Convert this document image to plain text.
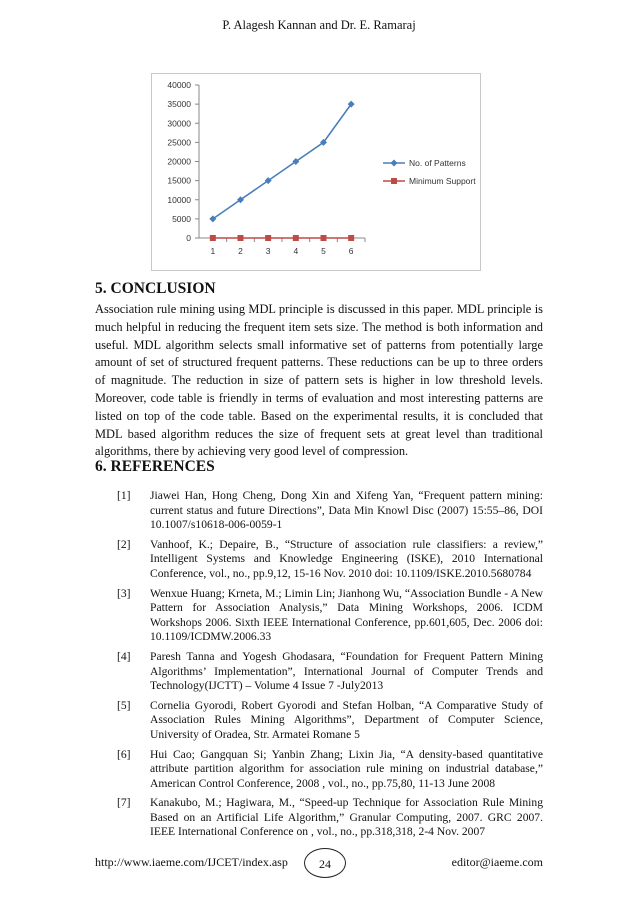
P. Alagesh Kannan and Dr. E. Ramaraj
0
5000
10000
15000
20000
25000
30000
35000
40000
1	2	3	4	5	6
No. of Patterns
Minimum Support
5. CONCLUSION

Association rule mining using MDL principle is discussed in this paper. MDL principle is much helpful in reducing the frequent item sets size. The method is both information and useful. MDL algorithm selects small informative set of patterns from potentially large amount of set of structured frequent patterns. These reductions can be up to three orders of magnitude. The reduction in size of pattern sets is higher in low threshold levels. Moreover, code table is friendly in terms of evaluation and most interesting patterns are listed on top of the code table. Based on the experimental results, it is concluded that MDL based algorithm reduces the size of frequent sets at great level than traditional algorithms, there by achieving very good level of compression.

6. REFERENCES
[1]	Jiawei Han, Hong Cheng, Dong Xin and Xifeng Yan, “Frequent pattern mining: current status and future Directions”, Data Min Knowl Disc (2007) 15:55–86, DOI 10.1007/s10618-006-0059-1
[2]	Vanhoof, K.; Depaire, B., “Structure of association rule classifiers: a review,” Intelligent Systems and Knowledge Engineering (ISKE), 2010 International Conference, vol., no., pp.9,12, 15-16 Nov. 2010 doi: 10.1109/ISKE.2010.5680784
[3]	Wenxue Huang; Krneta, M.; Limin Lin; Jianhong Wu, “Association Bundle - A New Pattern for Association Analysis,” Data Mining Workshops, 2006. ICDM Workshops 2006. Sixth IEEE International Conference, pp.601,605, Dec. 2006 doi: 10.1109/ICDMW.2006.33
[4]	Paresh Tanna and Yogesh Ghodasara, “Foundation for Frequent Pattern Mining Algorithms’ Implementation”, International Journal of Computer Trends and Technology(IJCTT) – Volume 4 Issue 7 -July2013
[5]	Cornelia Gyorodi, Robert Gyorodi and Stefan Holban, “A Comparative Study of Association Rules Mining Algorithms”, Department of Computer Science, University of Oradea, Str. Armatei Romane 5
[6]	Hui Cao; Gangquan Si; Yanbin Zhang; Lixin Jia, “A density-based quantitative attribute partition algorithm for association rule mining on industrial database,” American Control Conference, 2008 , vol., no., pp.75,80, 11-13 June 2008
[7]	Kanakubo, M.; Hagiwara, M., “Speed-up Technique for Association Rule Mining Based on an Artificial Life Algorithm,” Granular Computing, 2007. GRC 2007. IEEE International Conference on , vol., no., pp.318,318, 2-4 Nov. 2007
http://www.iaeme.com/IJCET/index.asp	24	editor@iaeme.com
